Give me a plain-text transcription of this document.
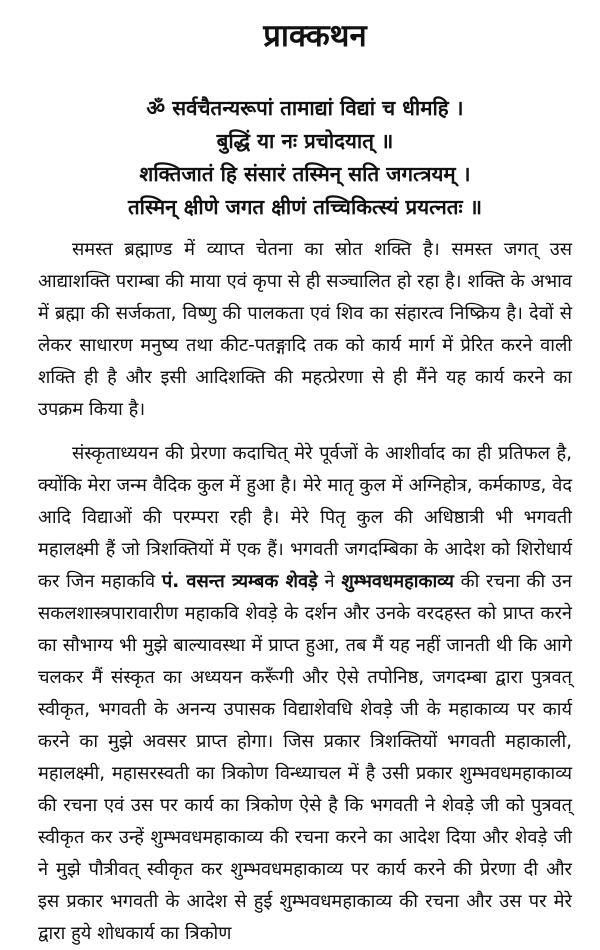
प्राक्कथन
ॐ सर्वचैतन्यरूपां तामाद्यां विद्यां च धीमहि ।
बुद्धिं या नः प्रचोदयात् ॥
शक्तिजातं हि संसारं तस्मिन् सति जगत्त्रयम् ।
तस्मिन् क्षीणे जगत क्षीणं तच्चिकित्स्यं प्रयत्नतः ॥

समस्त ब्रह्माण्ड में व्याप्त चेतना का स्रोत शक्ति है। समस्त जगत् उस आद्याशक्ति पराम्बा की माया एवं कृपा से ही सञ्चालित हो रहा है। शक्ति के अभाव में ब्रह्मा की सर्जकता, विष्णु की पालकता एवं शिव का संहारत्व निष्क्रिय है। देवों से लेकर साधारण मनुष्य तथा कीट-पतङ्गादि तक को कार्य मार्ग में प्रेरित करने वाली शक्ति ही है और इसी आदिशक्ति की महत्प्रेरणा से ही मैंने यह कार्य करने का उपक्रम किया है।

संस्कृताध्ययन की प्रेरणा कदाचित् मेरे पूर्वजों के आशीर्वाद का ही प्रतिफल है, क्योंकि मेरा जन्म वैदिक कुल में हुआ है। मेरे मातृ कुल में अग्निहोत्र, कर्मकाण्ड, वेद आदि विद्याओं की परम्परा रही है। मेरे पितृ कुल की अधिष्ठात्री भी भगवती महालक्ष्मी हैं जो त्रिशक्तियों में एक हैं। भगवती जगदम्बिका के आदेश को शिरोधार्य कर जिन महाकवि पं. वसन्त त्र्यम्बक शेवड़े ने शुम्भवधमहाकाव्य की रचना की उन सकलशास्त्रपारावारीण महाकवि शेवड़े के दर्शन और उनके वरदहस्त को प्राप्त करने का सौभाग्य भी मुझे बाल्यावस्था में प्राप्त हुआ, तब मैं यह नहीं जानती थी कि आगे चलकर मैं संस्कृत का अध्ययन करूँगी और ऐसे तपोनिष्ठ, जगदम्बा द्वारा पुत्रवत् स्वीकृत, भगवती के अनन्य उपासक विद्याशेवधि शेवड़े जी के महाकाव्य पर कार्य करने का मुझे अवसर प्राप्त होगा। जिस प्रकार त्रिशक्तियों भगवती महाकाली, महालक्ष्मी, महासरस्वती का त्रिकोण विन्ध्याचल में है उसी प्रकार शुम्भवधमहाकाव्य की रचना एवं उस पर कार्य का त्रिकोण ऐसे है कि भगवती ने शेवड़े जी को पुत्रवत् स्वीकृत कर उन्हें शुम्भवधमहाकाव्य की रचना करने का आदेश दिया और शेवड़े जी ने मुझे पौत्रीवत् स्वीकृत कर शुम्भवधमहाकाव्य पर कार्य करने की प्रेरणा दी और इस प्रकार भगवती के आदेश से हुई शुम्भवधमहाकाव्य की रचना और उस पर मेरे द्वारा हुये शोधकार्य का त्रिकोण
